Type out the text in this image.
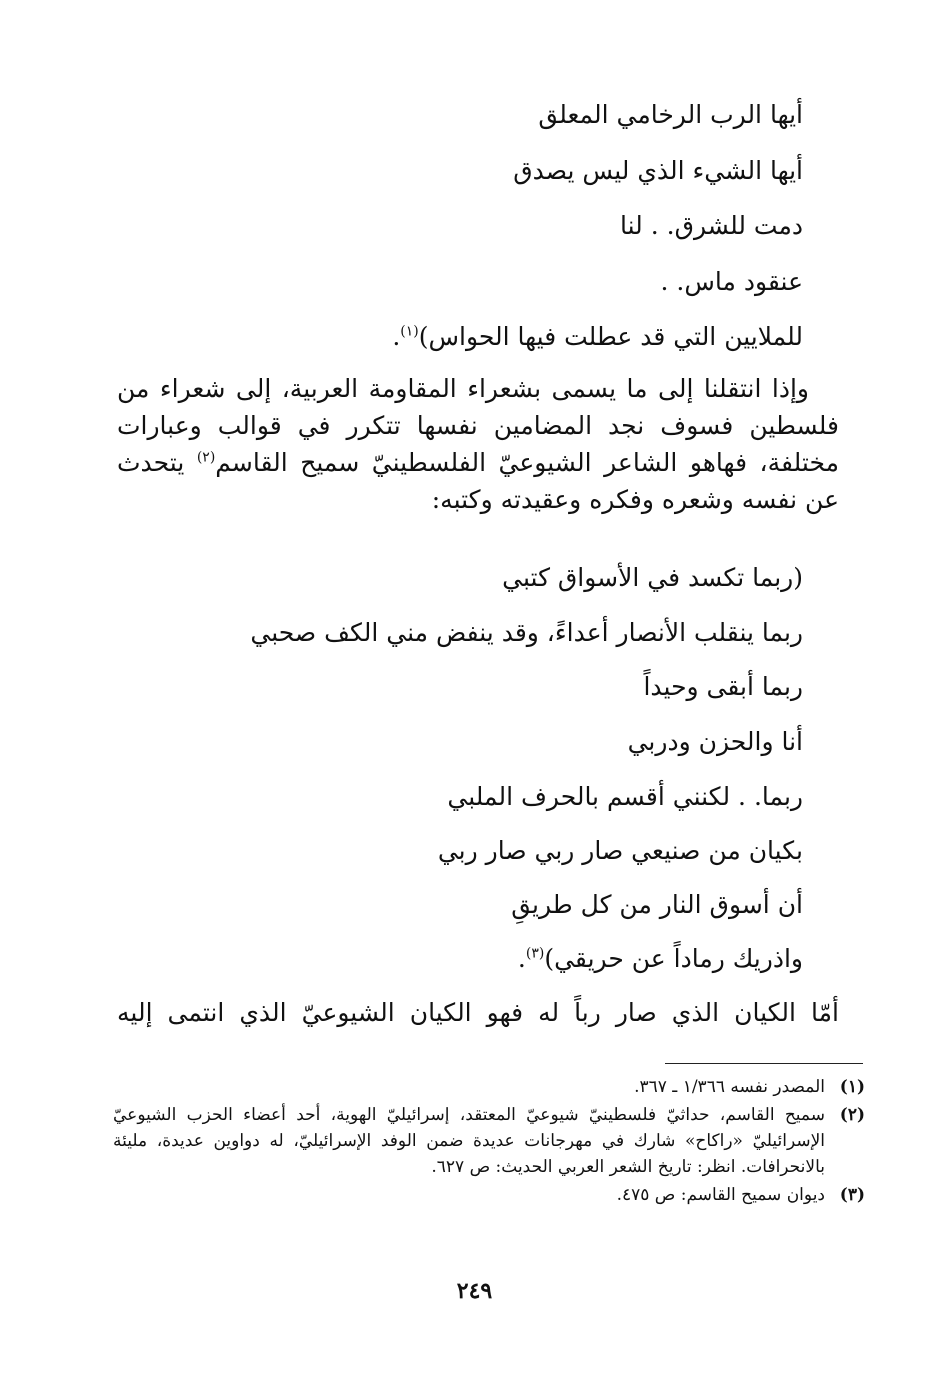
أيها الرب الرخامي المعلق
أيها الشيء الذي ليس يصدق
دمت للشرق. . لنا
عنقود ماس. .
للملايين التي قد عطلت فيها الحواس)$^{(١)}$.
وإذا انتقلنا إلى ما يسمى بشعراء المقاومة العربية، إلى شعراء من فلسطين فسوف نجد المضامين نفسها تتكرر في قوالب وعبارات مختلفة، فهاهو الشاعر الشيوعيّ الفلسطينيّ سميح القاسم$^{(٢)}$ يتحدث عن نفسه وشعره وفكره وعقيدته وكتبه:
(ربما تكسد في الأسواق كتبي
ربما ينقلب الأنصار أعداءً، وقد ينفض مني الكف صحبي
ربما أبقى وحيداً
أنا والحزن ودربي
ربما. . لكنني أقسم بالحرف الملبي
بكيان من صنيعي صار ربي صار ربي
أن أسوق النار من كل طريقِ
واذريك رماداً عن حريقي)$^{(٣)}$.
أمّا الكيان الذي صار رباً له فهو الكيان الشيوعيّ الذي انتمى إليه
(١)
المصدر نفسه ١/٣٦٦ ـ ٣٦٧.
(٢)
سميح القاسم، حداثيّ فلسطينيّ شيوعيّ المعتقد، إسرائيليّ الهوية، أحد أعضاء الحزب الشيوعيّ الإسرائيليّ «راكاح» شارك في مهرجانات عديدة ضمن الوفد الإسرائيليّ، له دواوين عديدة، مليئة بالانحرافات. انظر: تاريخ الشعر العربي الحديث: ص ٦٢٧.
(٣)
ديوان سميح القاسم: ص ٤٧٥.
٢٤٩
